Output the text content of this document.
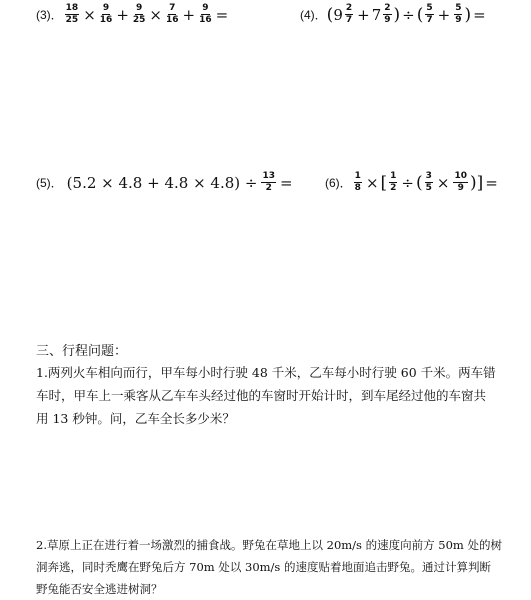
(3)． $\frac{18}{25} \times \frac{9}{16} + \frac{9}{25} \times \frac{7}{16} + \frac{9}{16}$ =	(4)． ( $9 \frac{2}{7} + 7 \frac{2}{9}$ ) ÷ ( $\frac{5}{7} + \frac{5}{9}$ ) =
(5)． $(5.2 \times 4.8 + 4.8 \times 4.8) \div \frac{13}{2}$ =	(6)． $\frac{1}{8}$ × [ $\frac{1}{2}$ ÷ ( $\frac{3}{5} \times \frac{10}{9}$ ) ] =
三、行程问题：
1.两列火车相向而行，甲车每小时行驶 48 千米，乙车每小时行驶 60 千米。两车错
车时，甲车上一乘客从乙车车头经过他的车窗时开始计时，到车尾经过他的车窗共
用 13 秒钟。问，乙车全长多少米？
2.草原上正在进行着一场激烈的捕食战。野兔在草地上以 20m/s 的速度向前方 50m 处的树
洞奔逃，同时秃鹰在野兔后方 70m 处以 30m/s 的速度贴着地面追击野兔。通过计算判断
野兔能否安全逃进树洞？
